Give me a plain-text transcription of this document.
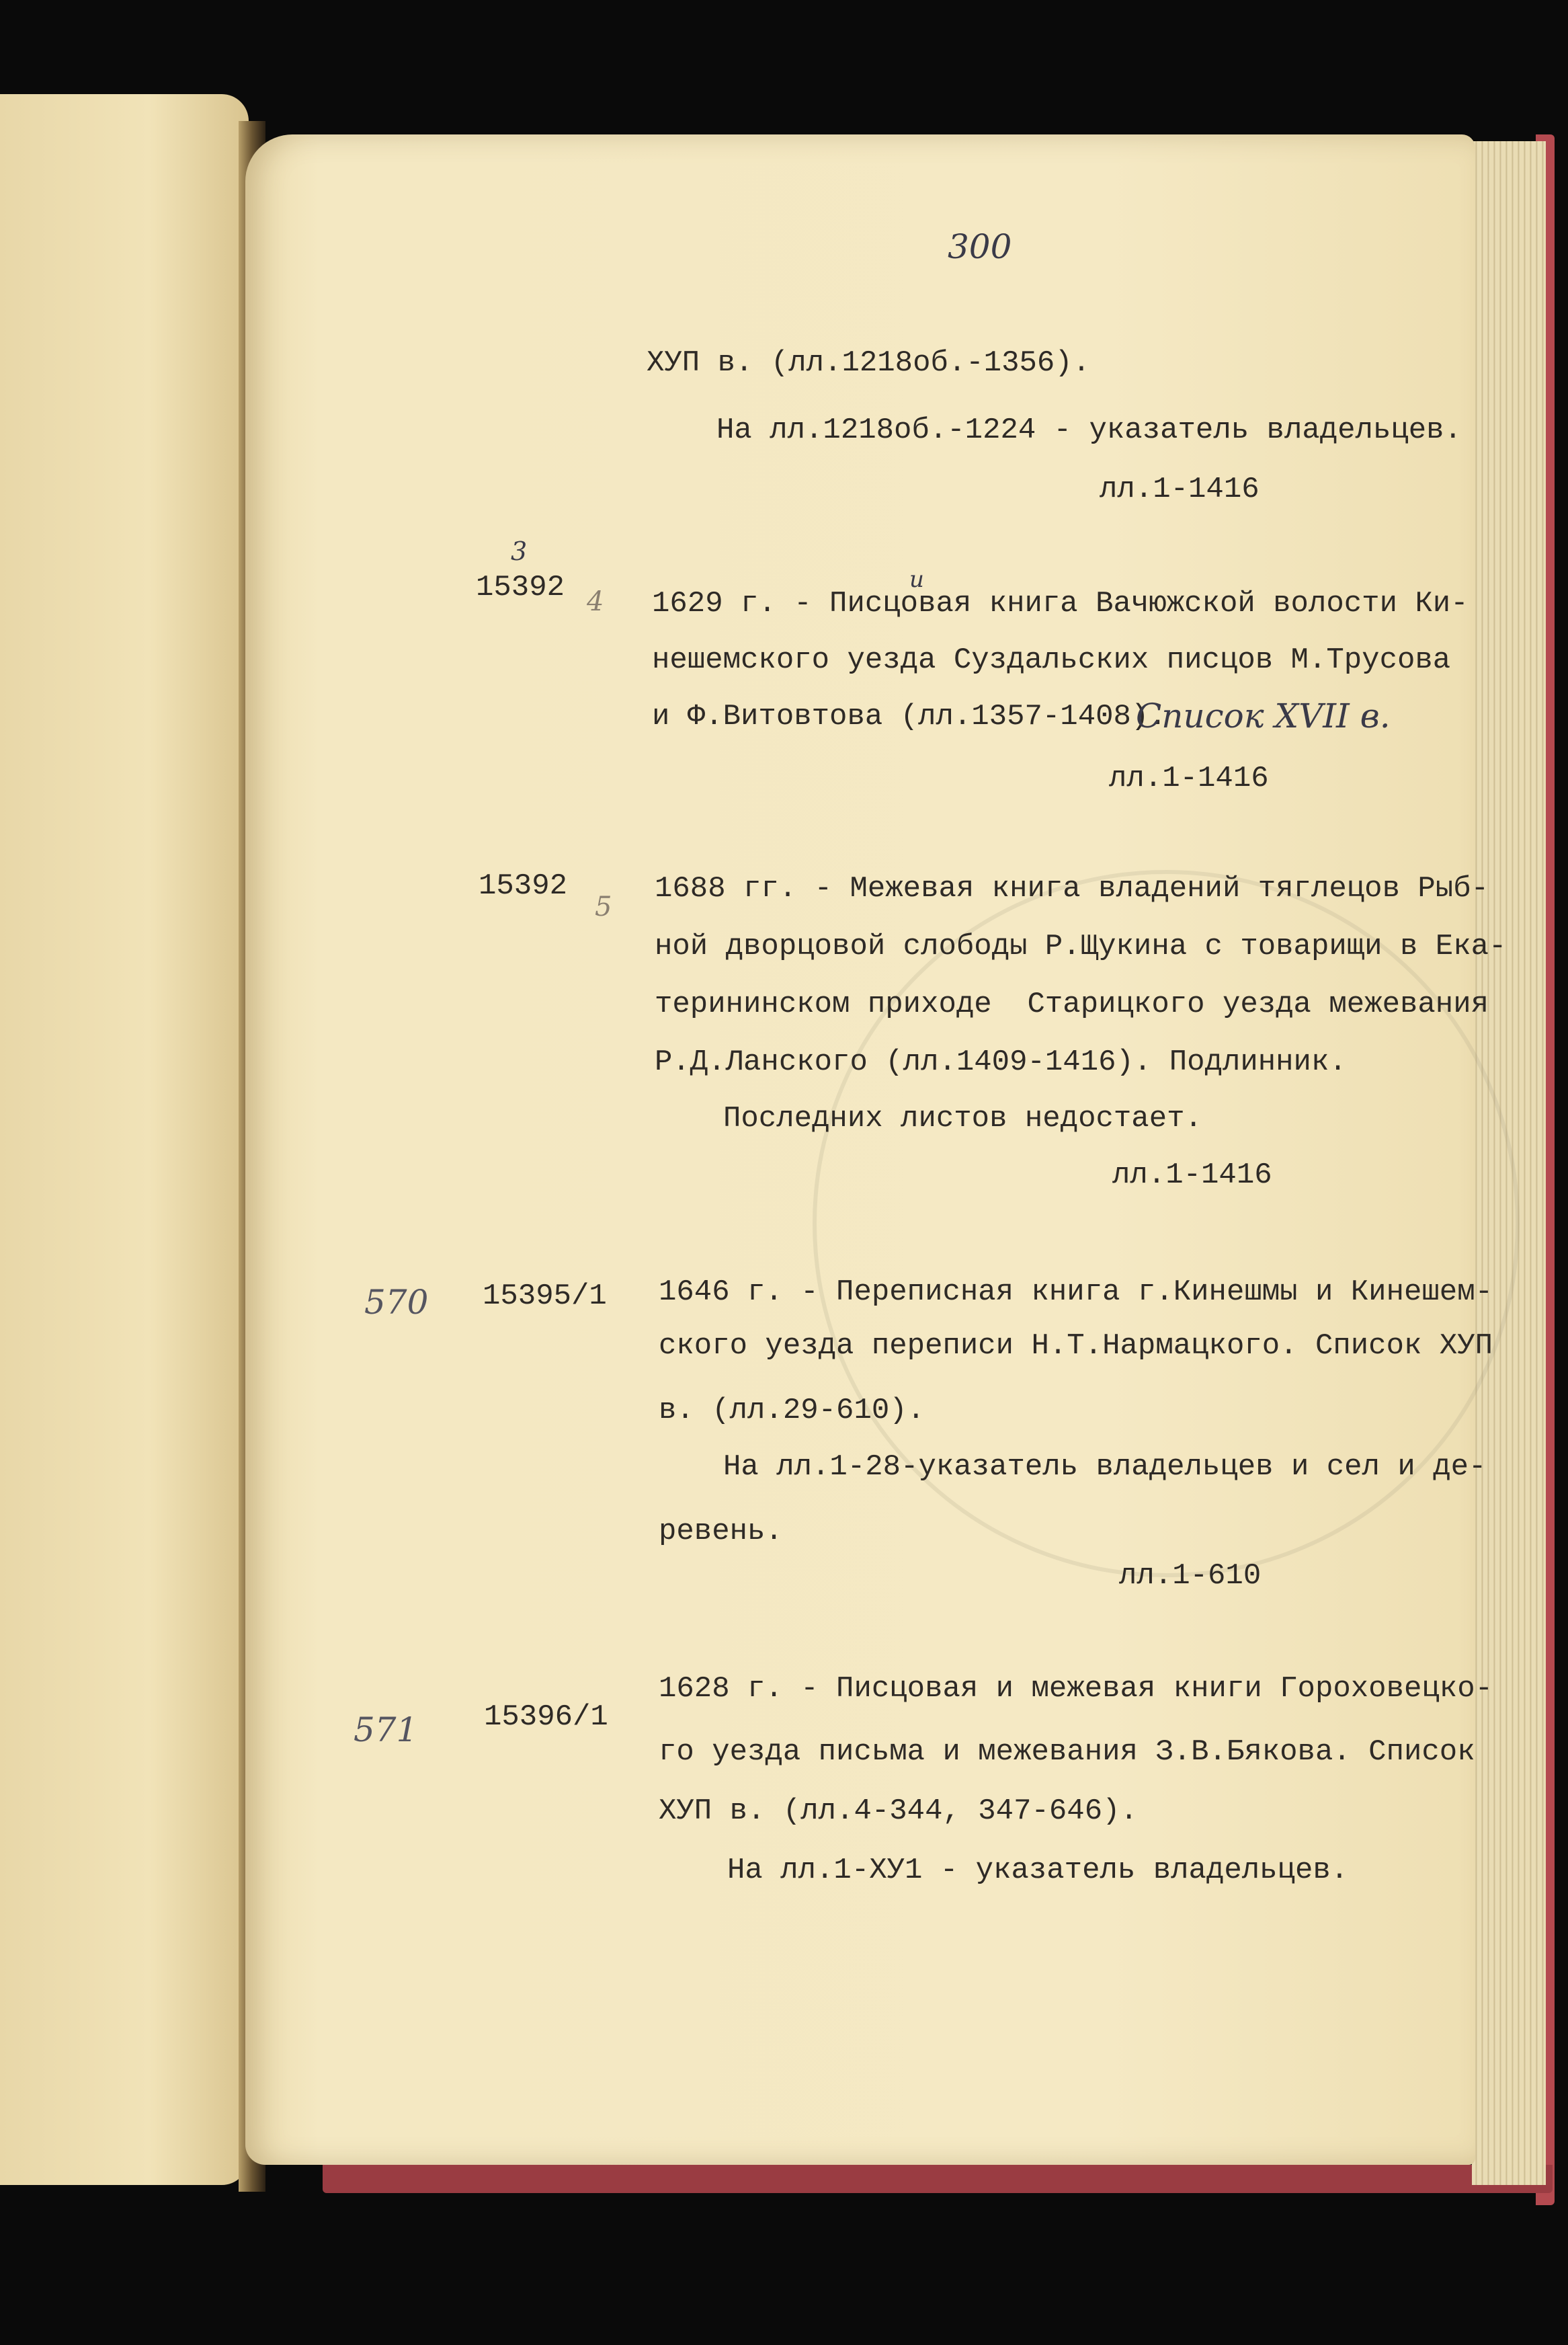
300
ХУП в. (лл.1218об.-1356).
На лл.1218об.-1224 - указатель владельцев.
лл.1-1416
3
15392 4
и
1629 г. - Писцовая книга Вачюжской волости Ки-
нешемского уезда Суздальских писцов М.Трусова
и Ф.Витовтова (лл.1357-1408).
Список XVII в.
лл.1-1416
15392
5
1688 гг. - Межевая книга владений тяглецов Рыб-
ной дворцовой слободы Р.Щукина с товарищи в Ека-
терининском приходе  Старицкого уезда межевания
Р.Д.Ланского (лл.1409-1416). Подлинник.
Последних листов недостает.
лл.1-1416
570 15395/1 1646 г. - Переписная книга г.Кинешмы и Кинешем-
ского уезда переписи Н.Т.Нармацкого. Список ХУП
в. (лл.29-610).
На лл.1-28-указатель владельцев и сел и де-
ревень.
лл.1-610
571 15396/1
1628 г. - Писцовая и межевая книги Гороховецко-
го уезда письма и межевания З.В.Бякова. Список
ХУП в. (лл.4-344, 347-646).
На лл.1-ХУ1 - указатель владельцев.
